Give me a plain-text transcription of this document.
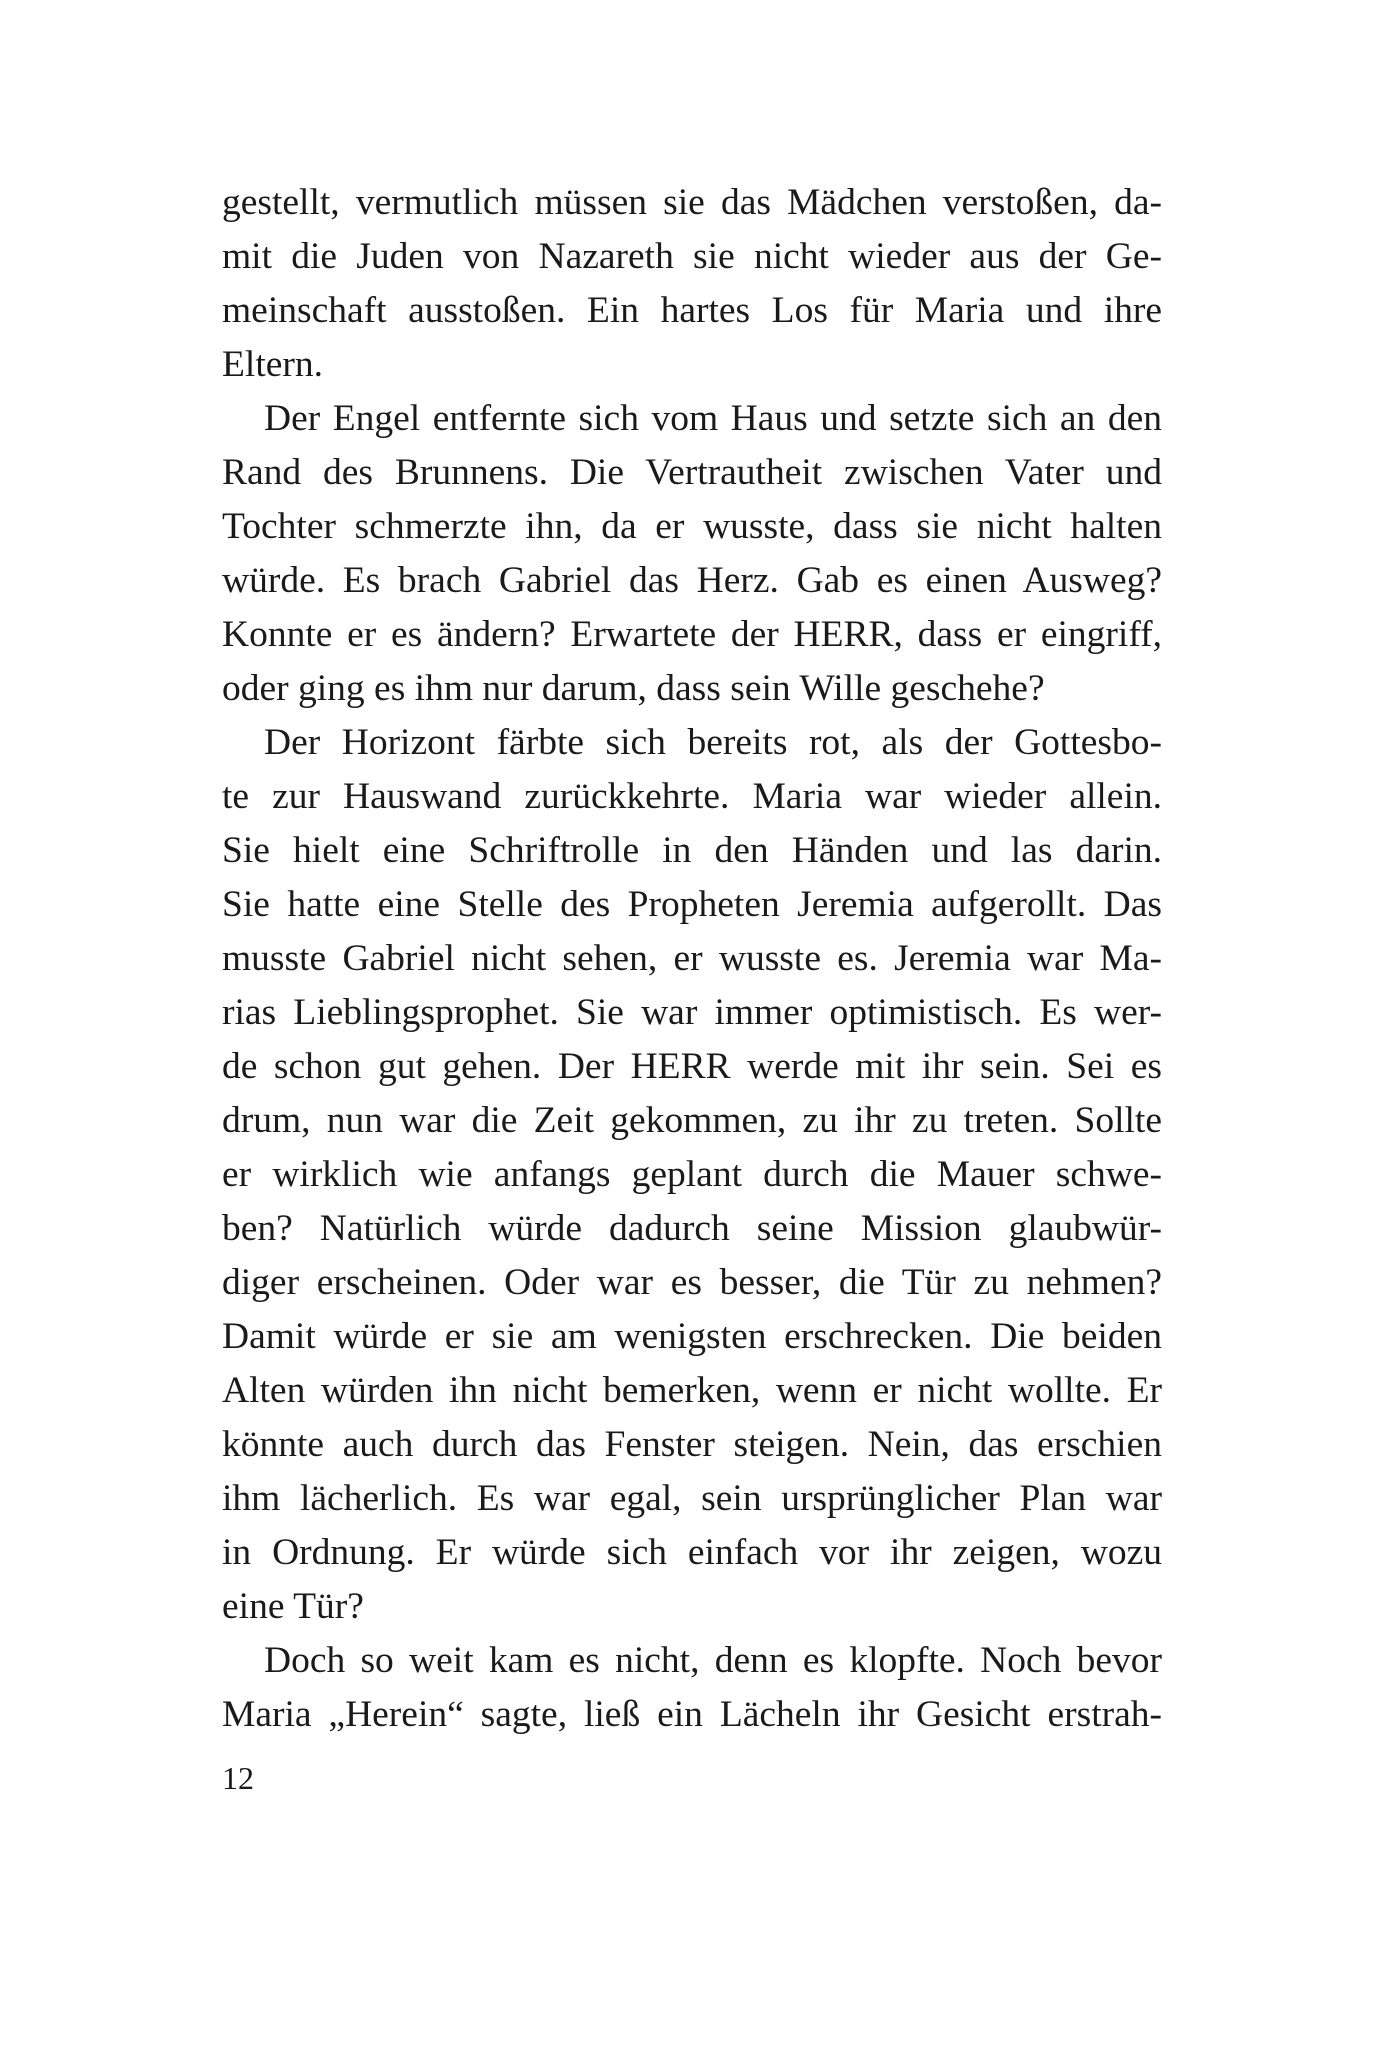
gestellt, vermutlich müssen sie das Mädchen verstoßen, da-
mit die Juden von Nazareth sie nicht wieder aus der Ge-
meinschaft ausstoßen. Ein hartes Los für Maria und ihre
Eltern.
Der Engel entfernte sich vom Haus und setzte sich an den
Rand des Brunnens. Die Vertrautheit zwischen Vater und
Tochter schmerzte ihn, da er wusste, dass sie nicht halten
würde. Es brach Gabriel das Herz. Gab es einen Ausweg?
Konnte er es ändern? Erwartete der HERR, dass er eingriff,
oder ging es ihm nur darum, dass sein Wille geschehe?
Der Horizont färbte sich bereits rot, als der Gottesbo-
te zur Hauswand zurückkehrte. Maria war wieder allein.
Sie hielt eine Schriftrolle in den Händen und las darin.
Sie hatte eine Stelle des Propheten Jeremia aufgerollt. Das
musste Gabriel nicht sehen, er wusste es. Jeremia war Ma-
rias Lieblingsprophet. Sie war immer optimistisch. Es wer-
de schon gut gehen. Der HERR werde mit ihr sein. Sei es
drum, nun war die Zeit gekommen, zu ihr zu treten. Sollte
er wirklich wie anfangs geplant durch die Mauer schwe-
ben? Natürlich würde dadurch seine Mission glaubwür-
diger erscheinen. Oder war es besser, die Tür zu nehmen?
Damit würde er sie am wenigsten erschrecken. Die beiden
Alten würden ihn nicht bemerken, wenn er nicht wollte. Er
könnte auch durch das Fenster steigen. Nein, das erschien
ihm lächerlich. Es war egal, sein ursprünglicher Plan war
in Ordnung. Er würde sich einfach vor ihr zeigen, wozu
eine Tür?
Doch so weit kam es nicht, denn es klopfte. Noch bevor
Maria „Herein“ sagte, ließ ein Lächeln ihr Gesicht erstrah-
12
